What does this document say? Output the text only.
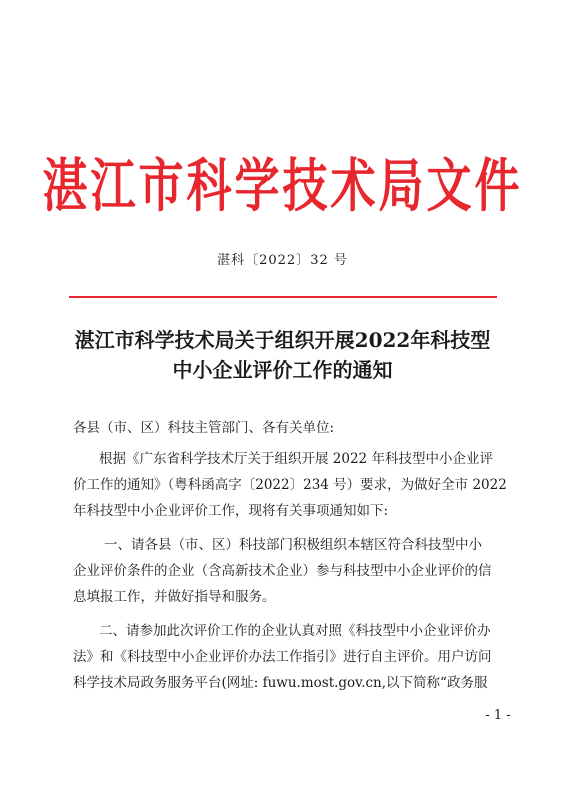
湛江市科学技术局文件
湛科〔2022〕32 号
湛江市科学技术局关于组织开展2022年科技型
中小企业评价工作的通知
各县（市、区）科技主管部门、各有关单位:
根据《广东省科学技术厅关于组织开展 2022 年科技型中小企业评
价工作的通知》（粤科函高字〔2022〕234 号）要求，为做好全市 2022
年科技型中小企业评价工作，现将有关事项通知如下:
一、请各县（市、区）科技部门积极组织本辖区符合科技型中小
企业评价条件的企业（含高新技术企业）参与科技型中小企业评价的信
息填报工作，并做好指导和服务。
二、请参加此次评价工作的企业认真对照《科技型中小企业评价办
法》和《科技型中小企业评价办法工作指引》进行自主评价。用户访问
科学技术局政务服务平台(网址: fuwu.most.gov.cn,以下简称“政务服
- 1 -
